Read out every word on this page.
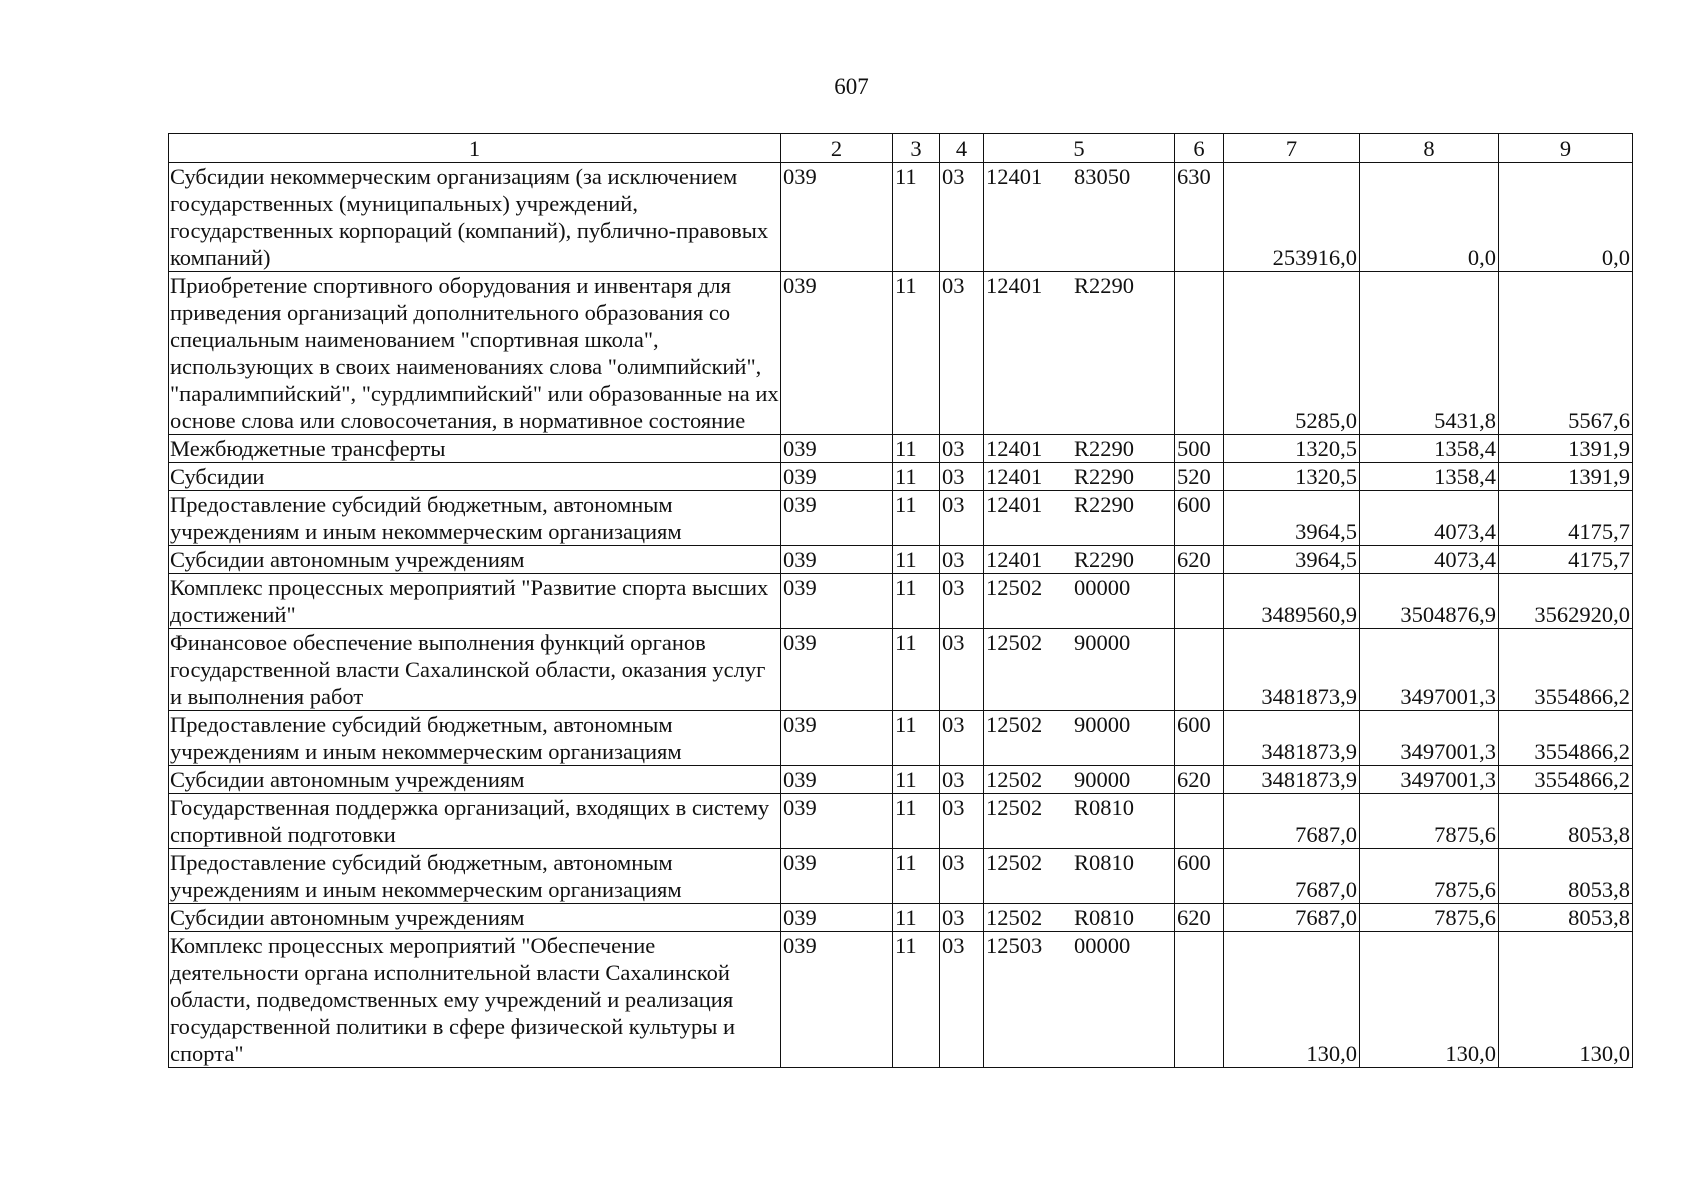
607
1	2	3	4	5	6	7	8	9
Субсидии некоммерческим организациям (за исключением государственных (муниципальных) учреждений, государственных корпораций (компаний), публично-правовых компаний)	039	11	03	12401 83050	630	253916,0	0,0	0,0
Приобретение спортивного оборудования и инвентаря для приведения организаций дополнительного образования со специальным наименованием "спортивная школа", использующих в своих наименованиях слова "олимпийский", "паралимпийский", "сурдлимпийский" или образованные на их основе слова или словосочетания, в нормативное состояние	039	11	03	12401 R2290		5285,0	5431,8	5567,6
Межбюджетные трансферты	039	11	03	12401 R2290	500	1320,5	1358,4	1391,9
Субсидии	039	11	03	12401 R2290	520	1320,5	1358,4	1391,9
Предоставление субсидий бюджетным, автономным учреждениям и иным некоммерческим организациям	039	11	03	12401 R2290	600	3964,5	4073,4	4175,7
Субсидии автономным учреждениям	039	11	03	12401 R2290	620	3964,5	4073,4	4175,7
Комплекс процессных мероприятий "Развитие спорта высших достижений"	039	11	03	12502 00000		3489560,9	3504876,9	3562920,0
Финансовое обеспечение выполнения функций органов государственной власти Сахалинской области, оказания услуг и выполнения работ	039	11	03	12502 90000		3481873,9	3497001,3	3554866,2
Предоставление субсидий бюджетным, автономным учреждениям и иным некоммерческим организациям	039	11	03	12502 90000	600	3481873,9	3497001,3	3554866,2
Субсидии автономным учреждениям	039	11	03	12502 90000	620	3481873,9	3497001,3	3554866,2
Государственная поддержка организаций, входящих в систему спортивной подготовки	039	11	03	12502 R0810		7687,0	7875,6	8053,8
Предоставление субсидий бюджетным, автономным учреждениям и иным некоммерческим организациям	039	11	03	12502 R0810	600	7687,0	7875,6	8053,8
Субсидии автономным учреждениям	039	11	03	12502 R0810	620	7687,0	7875,6	8053,8
Комплекс процессных мероприятий "Обеспечение деятельности органа исполнительной власти Сахалинской области, подведомственных ему учреждений и реализация государственной политики в сфере физической культуры и спорта"	039	11	03	12503 00000		130,0	130,0	130,0
